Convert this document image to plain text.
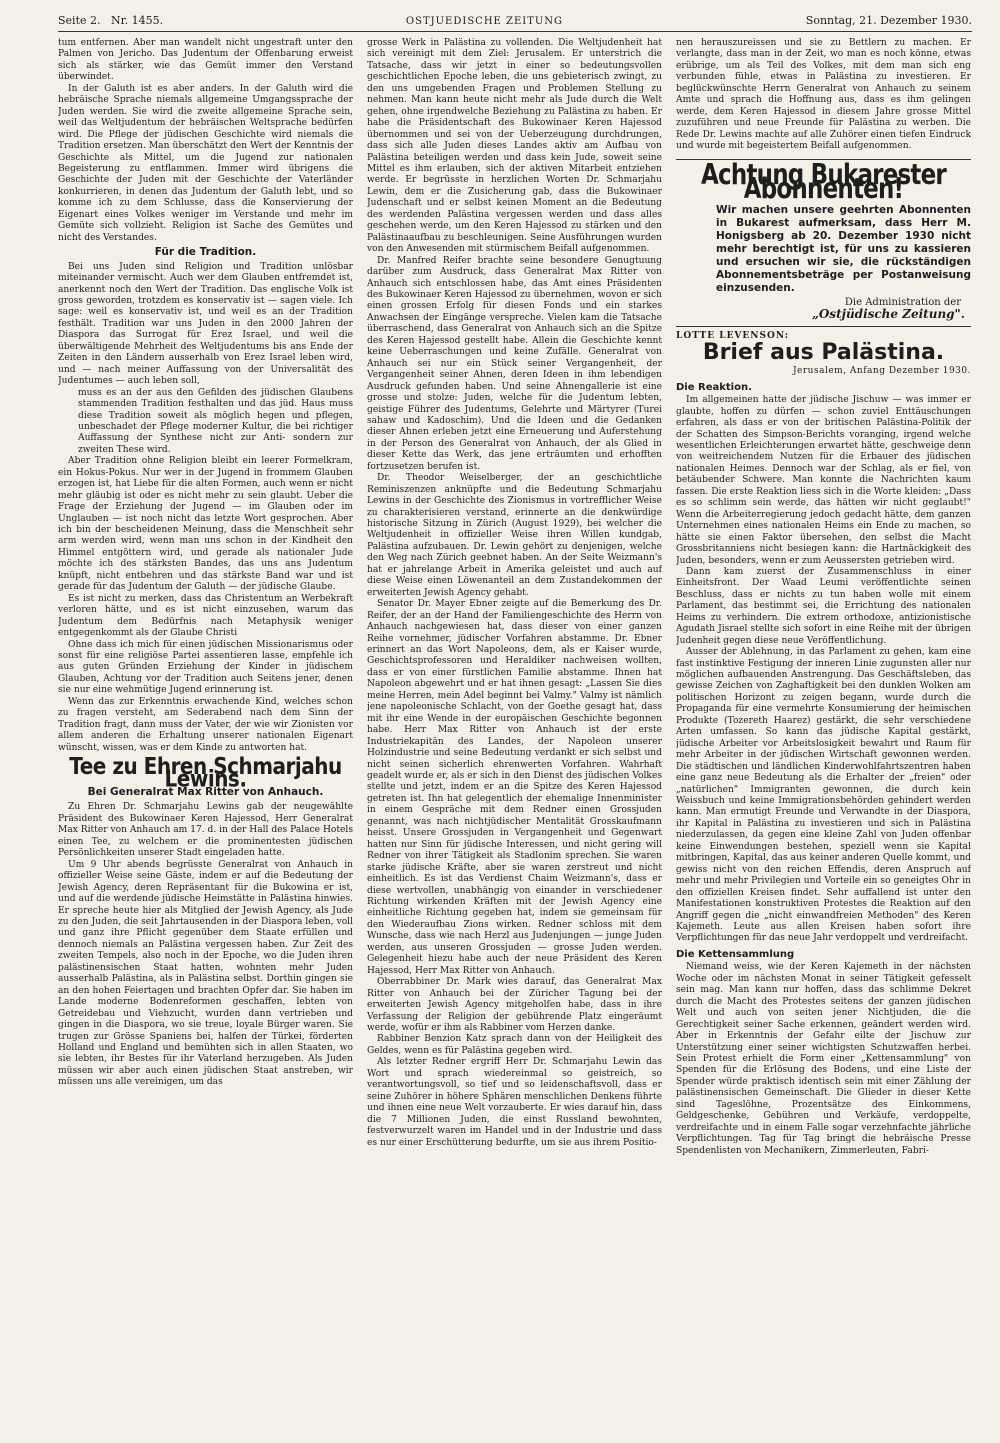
Seite 2. Nr. 1455.	OSTJUEDISCHE ZEITUNG	Sonntag, 21. Dezember 1930.

tum entfernen. Aber man wandelt nicht ungestraft unter den Palmen von Jericho. Das Judentum der Offenbarung erweist sich als stärker, wie das Gemüt immer den Verstand überwindet.

In der Galuth ist es aber anders. In der Galuth wird die hebräische Sprache niemals allgemeine Umgangssprache der Juden werden. Sie wird die zweite allgemeine Sprache sein, weil das Weltjudentum der hebräischen Weltsprache bedürfen wird. Die Pflege der jüdischen Geschichte wird niemals die Tradition ersetzen. Man überschätzt den Wert der Kenntnis der Geschichte als Mittel, um die Jugend zur nationalen Begeisterung zu entflammen. Immer wird übrigens die Geschichte der Juden mit der Geschichte der Vaterländer konkurrieren, in denen das Judentum der Galuth lebt, und so komme ich zu dem Schlusse, dass die Konservierung der Eigenart eines Volkes weniger im Verstande und mehr im Gemüte sich vollzieht. Religion ist Sache des Gemütes und nicht des Verstandes.

Für die Tradition.

Bei uns Juden sind Religion und Tradition unlösbar miteinander vermischt. Auch wer dem Glauben entfremdet ist, anerkennt noch den Wert der Tradition. Das englische Volk ist gross geworden, trotzdem es konservativ ist — sagen viele. Ich sage: weil es konservativ ist, und weil es an der Tradition festhält. Tradition war uns Juden in den 2000 Jahren der Diaspora das Surrogat für Erez Israel, und weil die überwältigende Mehrheit des Weltjudentums bis ans Ende der Zeiten in den Ländern ausserhalb von Erez Israel leben wird, und — nach meiner Auffassung von der Universalität des Judentumes — auch leben soll,

muss es an der aus den Gefilden des jüdischen Glaubens stammenden Tradition festhalten und das jüd. Haus muss diese Tradition soweit als möglich hegen und pflegen, unbeschadet der Pflege moderner Kultur, die bei richtiger Auffassung der Synthese nicht zur Anti- sondern zur zweiten These wird.

Aber Tradition ohne Religion bleibt ein leerer Formelkram, ein Hokus-Pokus. Nur wer in der Jugend in frommem Glauben erzogen ist, hat Liebe für die alten Formen, auch wenn er nicht mehr gläubig ist oder es nicht mehr zu sein glaubt. Ueber die Frage der Erziehung der Jugend — im Glauben oder im Unglauben — ist noch nicht das letzte Wort gesprochen. Aber ich bin der bescheidenen Meinung, dass die Menschheit sehr arm werden wird, wenn man uns schon in der Kindheit den Himmel entgöttern wird, und gerade als nationaler Jude möchte ich des stärksten Bandes, das uns ans Judentum knüpft, nicht entbehren und das stärkste Band war und ist gerade für das Judentum der Galuth — der jüdische Glaube.

Es ist nicht zu merken, dass das Christentum an Werbekraft verloren hätte, und es ist nicht einzusehen, warum das Judentum dem Bedürfnis nach Metaphysik weniger entgegenkommt als der Glaube Christi

Ohne dass ich mich für einen jüdischen Missionarismus oder sonst für eine religiöse Partei assentieren lasse, empfehle ich aus guten Gründen Erziehung der Kinder in jüdischem Glauben, Achtung vor der Tradition auch Seitens jener, denen sie nur eine wehmütige Jugend erinnerung ist.

Wenn das zur Erkenntnis erwachende Kind, welches schon zu fragen versteht, am Sederabend nach dem Sinn der Tradition fragt, dann muss der Vater, der wie wir Zionisten vor allem anderen die Erhaltung unserer nationalen Eigenart wünscht, wissen, was er dem Kinde zu antworten hat.

Tee zu Ehren Schmarjahu Lewins.
Bei Generalrat Max Ritter von Anhauch.

Zu Ehren Dr. Schmarjahu Lewins gab der neugewählte Präsident des Bukowinaer Keren Hajessod, Herr Generalrat Max Ritter von Anhauch am 17. d. in der Hall des Palace Hotels einen Tee, zu welchem er die prominentesten jüdischen Persönlichkeiten unserer Stadt eingeladen hatte.

Um 9 Uhr abends begrüsste Generalrat von Anhauch in offizieller Weise seine Gäste, indem er auf die Bedeutung der Jewish Agency, deren Repräsentant für die Bukowina er ist, und auf die werdende jüdische Heimstätte in Palästina hinwies. Er spreche heute hier als Mitglied der Jewish Agency, als Jude zu den Juden, die seit Jahrtausenden in der Diaspora leben, voll und ganz ihre Pflicht gegenüber dem Staate erfüllen und dennoch niemals an Palästina vergessen haben. Zur Zeit des zweiten Tempels, also noch in der Epoche, wo die Juden ihren palästinensischen Staat hatten, wohnten mehr Juden ausserhalb Palästina, als in Palästina selbst. Dorthin gingen sie an den hohen Feiertagen und brachten Opfer dar. Sie haben im Lande moderne Bodenreformen geschaffen, lebten von Getreidebau und Viehzucht, wurden dann vertrieben und gingen in die Diaspora, wo sie treue, loyale Bürger waren. Sie trugen zur Grösse Spaniens bei, halfen der Türkei, förderten Holland und England und bemühten sich in allen Staaten, wo sie lebten, ihr Bestes für ihr Vaterland herzugeben. Als Juden müssen wir aber auch einen jüdischen Staat anstreben, wir müssen uns alle vereinigen, um das

grosse Werk in Palästina zu vollenden. Die Weltjudenheit hat sich vereinigt mit dem Ziel: Jerusalem. Er unterstrich die Tatsache, dass wir jetzt in einer so bedeutungsvollen geschichtlichen Epoche leben, die uns gebieterisch zwingt, zu den uns umgebenden Fragen und Problemen Stellung zu nehmen. Man kann heute nicht mehr als Jude durch die Welt gehen, ohne irgendwelche Beziehung zu Palästina zu haben. Er habe die Präsidentschaft des Bukowinaer Keren Hajessod übernommen und sei von der Ueberzeugung durchdrungen, dass sich alle Juden dieses Landes aktiv am Aufbau von Palästina beteiligen werden und dass kein Jude, soweit seine Mittel es ihm erlauben, sich der aktiven Mitarbeit entziehen werde. Er begrüsste in herzlichen Worten Dr. Schmarjahu Lewin, dem er die Zusicherung gab, dass die Bukowinaer Judenschaft und er selbst keinen Moment an die Bedeutung des werdenden Palästina vergessen werden und dass alles geschehen werde, um den Keren Hajessod zu stärken und den Palästinaaufbau zu beschleunigen. Seine Ausführungen wurden von den Anwesenden mit stürmischem Beifall aufgenommen.

Dr. Manfred Reifer brachte seine besondere Genugtuung darüber zum Ausdruck, dass Generalrat Max Ritter von Anhauch sich entschlossen habe, das Amt eines Präsidenten des Bukowinaer Keren Hajessod zu übernehmen, wovon er sich einen grossen Erfolg für diesen Fonds und ein starkes Anwachsen der Eingänge verspreche. Vielen kam die Tatsache überraschend, dass Generalrat von Anhauch sich an die Spitze des Keren Hajessod gestellt habe. Allein die Geschichte kennt keine Ueberraschungen und keine Zufälle. Generalrat von Anhauch sei nur ein Stück seiner Vergangenheit, der Vergangenheit seiner Ahnen, deren Ideen in ihm lebendigen Ausdruck gefunden haben. Und seine Ahnengallerie ist eine grosse und stolze: Juden, welche für die Judentum lebten, geistige Führer des Judentums, Gelehrte und Märtyrer (Turei sahaw und Kadoschim). Und die Ideen und die Gedanken dieser Ahnen erleben jetzt eine Erneuerung und Auferstehung in der Person des Generalrat von Anhauch, der als Glied in dieser Kette das Werk, das jene erträumten und erhofften fortzusetzen berufen ist.

Dr. Theodor Weiselberger, der an geschichtliche Reminiszenzen anknüpfte und die Bedeutung Schmarjahu Lewins in der Geschichte des Zionismus in vortrefflicher Weise zu charakterisieren verstand, erinnerte an die denkwürdige historische Sitzung in Zürich (August 1929), bei welcher die Weltjudenheit in offizieller Weise ihren Willen kundgab, Palästina aufzubauen. Dr. Lewin gehört zu denjenigen, welche den Weg nach Zürich geebnet haben. An der Seite Weizmann's hat er jahrelange Arbeit in Amerika geleistet und auch auf diese Weise einen Löwenanteil an dem Zustandekommen der erweiterten Jewish Agency gehabt.

Senator Dr. Mayer Ebner zeigte auf die Bemerkung des Dr. Reifer, der an der Hand der Familiengeschichte des Herrn von Anhauch nachgewiesen hat, dass dieser von einer ganzen Reihe vornehmer, jüdischer Vorfahren abstamme. Dr. Ebner erinnert an das Wort Napoleons, dem, als er Kaiser wurde, Geschichtsprofessoren und Heraldiker nachweisen wollten, dass er von einer fürstlichen Familie abstamme. Ihnen hat Napoleon abgewehrt und er hat ihnen gesagt: „Lassen Sie dies meine Herren, mein Adel beginnt bei Valmy." Valmy ist nämlich jene napoleonische Schlacht, von der Goethe gesagt hat, dass mit ihr eine Wende in der europäischen Geschichte begonnen habe. Herr Max Ritter von Anhauch ist der erste Industriekapitän des Landes, der Napoleon unserer Holzindustrie und seine Bedeutung verdankt er sich selbst und nicht seinen sicherlich ehrenwerten Vorfahren. Wahrhaft geadelt wurde er, als er sich in den Dienst des jüdischen Volkes stellte und jetzt, indem er an die Spitze des Keren Hajessod getreten ist. Ihn hat gelegentlich der ehemalige Innenminister in einem Gespräche mit dem Redner einen Grossjuden genannt, was nach nichtjüdischer Mentalität Grosskaufmann heisst. Unsere Grossjuden in Vergangenheit und Gegenwart hatten nur Sinn für jüdische Interessen, und nicht gering will Redner von ihrer Tätigkeit als Stadlonim sprechen. Sie waren starke jüdische Kräfte, aber sie waren zerstreut und nicht einheitlich. Es ist das Verdienst Chaim Weizmann's, dass er diese wertvollen, unabhängig von einander in verschiedener Richtung wirkenden Kräften mit der Jewish Agency eine einheitliche Richtung gegeben hat, indem sie gemeinsam für den Wiederaufbau Zions wirken. Redner schloss mit dem Wunsche, dass wie nach Herzl aus Judenjungen — junge Juden werden, aus unseren Grossjuden — grosse Juden werden. Gelegenheit hiezu habe auch der neue Präsident des Keren Hajessod, Herr Max Ritter von Anhauch.

Oberrabbiner Dr. Mark wies darauf, das Generalrat Max Ritter von Anhauch bei der Züricher Tagung bei der erweiterten Jewish Agency mitgeholfen habe, dass in ihre Verfassung der Religion der gebührende Platz eingeräumt werde, wofür er ihm als Rabbiner vom Herzen danke.

Rabbiner Benzion Katz sprach dann von der Heiligkeit des Geldes, wenn es für Palästina gegeben wird.

Als letzter Redner ergriff Herr Dr. Schmarjahu Lewin das Wort und sprach wiedereinmal so geistreich, so verantwortungsvoll, so tief und so leidenschaftsvoll, dass er seine Zuhörer in höhere Sphären menschlichen Denkens führte und ihnen eine neue Welt vorzauberte. Er wies darauf hin, dass die 7 Millionen Juden, die einst Russland bewohnten, festverwurzelt waren im Handel und in der Industrie und dass es nur einer Erschütterung bedurfte, um sie aus ihrem Positio-

nen herauszureissen und sie zu Bettlern zu machen. Er verlangte, dass man in der Zeit, wo man es noch könne, etwas erübrige, um als Teil des Volkes, mit dem man sich eng verbunden fühle, etwas in Palästina zu investieren. Er beglückwünschte Herrn Generalrat von Anhauch zu seinem Amte und sprach die Hoffnung aus, dass es ihm gelingen werde, dem Keren Hajessod in diesem Jahre grosse Mittel zuzuführen und neue Freunde für Palästina zu werben. Die Rede Dr. Lewins machte auf alle Zuhörer einen tiefen Eindruck und wurde mit begeistertem Beifall aufgenommen.

Achtung Bukarester Abonnenten!
Wir machen unsere geehrten Abonnenten in Bukarest aufmerksam, dass Herr M. Honigsberg ab 20. Dezember 1930 nicht mehr berechtigt ist, für uns zu kassieren und ersuchen wir sie, die rückständigen Abonnementsbeträge per Postanweisung einzusenden.
Die Administration der
„Ostjüdische Zeitung".
LOTTE LEVENSON:
Brief aus Palästina.
Jerusalem, Anfang Dezember 1930.
Die Reaktion.

Im allgemeinen hatte der jüdische Jischuw — was immer er glaubte, hoffen zu dürfen — schon zuviel Enttäuschungen erfahren, als dass er von der britischen Palästina-Politik der der Schatten des Simpson-Berichts voranging, irgend welche wesentlichen Erleichterungen erwartet hätte, geschweige denn von weitreichendem Nutzen für die Erbauer des jüdischen nationalen Heimes. Dennoch war der Schlag, als er fiel, von betäubender Schwere. Man konnte die Nachrichten kaum fassen. Die erste Reaktion liess sich in die Worte kleiden: „Dass es so schlimm sein werde, das hätten wir nicht geglaubt!" Wenn die Arbeiterregierung jedoch gedacht hätte, dem ganzen Unternehmen eines nationalen Heims ein Ende zu machen, so hätte sie einen Faktor übersehen, den selbst die Macht Grossbritanniens nicht besiegen kann: die Hartnäckigkeit des Juden, besonders, wenn er zum Aeussersten getrieben wird.

Dann kam zuerst der Zusammenschluss in einer Einheitsfront. Der Waad Leumi veröffentlichte seinen Beschluss, dass er nichts zu tun haben wolle mit einem Parlament, das bestimmt sei, die Errichtung des nationalen Heims zu verhindern. Die extrem orthodoxe, antizionistische Agudath Jisrael stellte sich sofort in eine Reihe mit der übrigen Judenheit gegen diese neue Veröffentlichung.

Ausser der Ablehnung, in das Parlament zu gehen, kam eine fast instinktive Festigung der inneren Linie zugunsten aller nur möglichen aufbauenden Anstrengung. Das Geschäftsleben, das gewisse Zeichen von Zaghaftigkeit bei den dunklen Wolken am politischen Horizont zu zeigen begann, wurde durch die Propaganda für eine vermehrte Konsumierung der heimischen Produkte (Tozereth Haarez) gestärkt, die sehr verschiedene Arten umfassen. So kann das jüdische Kapital gestärkt, jüdische Arbeiter vor Arbeitslosigkeit bewahrt und Raum für mehr Arbeiter in der jüdischen Wirtschaft gewonnen werden. Die städtischen und ländlichen Kinderwohlfahrtszentren haben eine ganz neue Bedeutung als die Erhalter der „freien" oder „natürlichen" Immigranten gewonnen, die durch kein Weissbuch und keine Immigrationsbehörden gehindert werden kann. Man ermutigt Freunde und Verwandte in der Diaspora, ihr Kapital in Palästina zu investieren und sich in Palästina niederzulassen, da gegen eine kleine Zahl von Juden offenbar keine Einwendungen bestehen, speziell wenn sie Kapital mitbringen, Kapital, das aus keiner anderen Quelle kommt, und gewiss nicht von den reichen Effendis, deren Anspruch auf mehr und mehr Privilegien und Vorteile ein so geneigtes Ohr in den offiziellen Kreisen findet. Sehr auffallend ist unter den Manifestationen konstruktiven Protestes die Reaktion auf den Angriff gegen die „nicht einwandfreien Methoden" des Keren Kajemeth. Leute aus allen Kreisen haben sofort ihre Verpflichtungen für das neue Jahr verdoppelt und verdreifacht.

Die Kettensammlung

Niemand weiss, wie der Keren Kajemeth in der nächsten Woche oder im nächsten Monat in seiner Tätigkeit gefesselt sein mag. Man kann nur hoffen, dass das schlimme Dekret durch die Macht des Protestes seitens der ganzen jüdischen Welt und auch von seiten jener Nichtjuden, die die Gerechtigkeit seiner Sache erkennen, geändert werden wird. Aber in Erkenntnis der Gefahr eilte der Jischuw zur Unterstützung einer seiner wichtigsten Schutzwaffen herbei. Sein Protest erhielt die Form einer „Kettensammlung" von Spenden für die Erlösung des Bodens, und eine Liste der Spender würde praktisch identisch sein mit einer Zählung der palästinensischen Gemeinschaft. Die Glieder in dieser Kette sind Tageslöhne, Prozentsätze des Einkommens, Geldgeschenke, Gebühren und Verkäufe, verdoppelte, verdreifachte und in einem Falle sogar verzehnfachte jährliche Verpflichtungen. Tag für Tag bringt die hebräische Presse Spendenlisten von Mechanikern, Zimmerleuten, Fabri-
